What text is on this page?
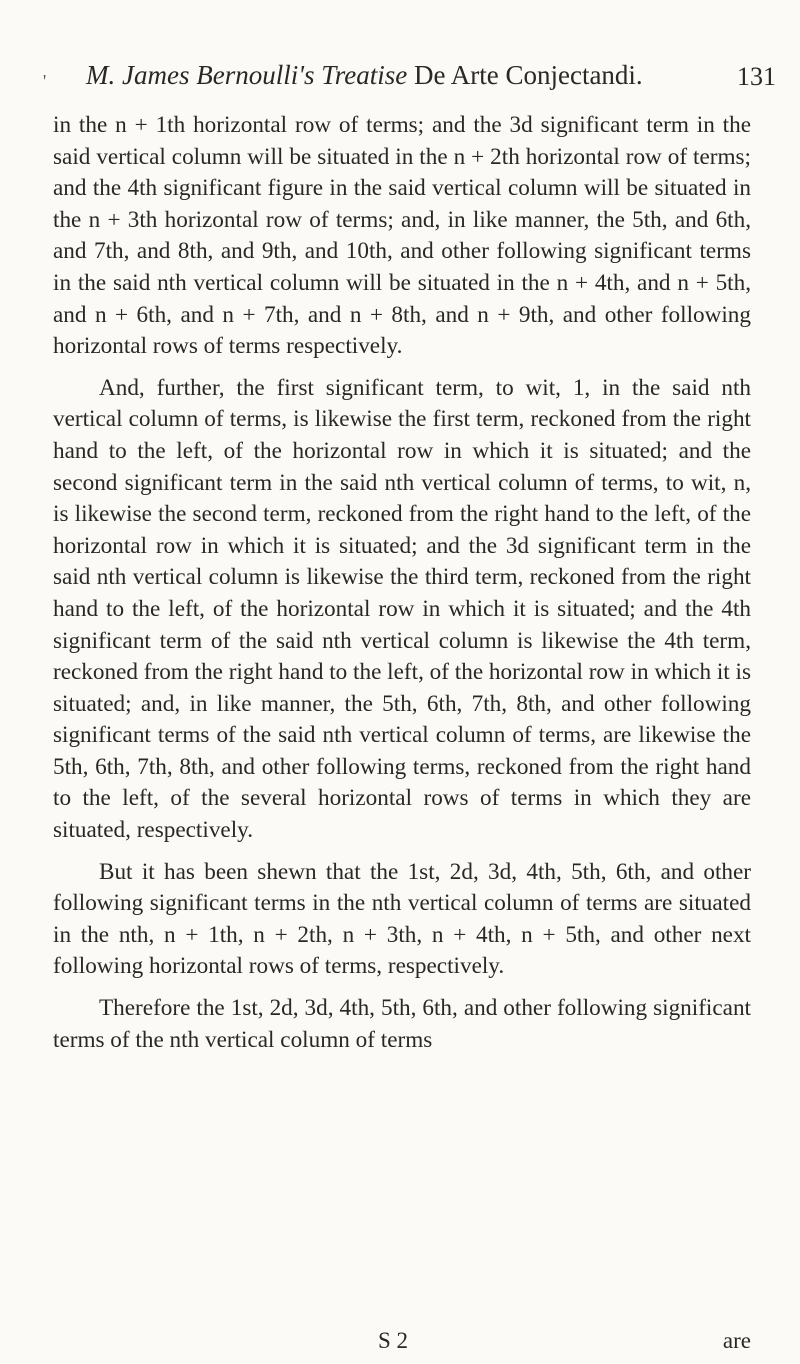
' M. James Bernoulli's Treatise De Arte Conjectandi.	131

in the n + 1th horizontal row of terms; and the 3d significant term in the said vertical column will be situated in the n + 2th horizontal row of terms; and the 4th significant figure in the said vertical column will be situated in the n + 3th horizontal row of terms; and, in like manner, the 5th, and 6th, and 7th, and 8th, and 9th, and 10th, and other following significant terms in the said nth vertical column will be situated in the n + 4th, and n + 5th, and n + 6th, and n + 7th, and n + 8th, and n + 9th, and other following horizontal rows of terms respectively.

And, further, the first significant term, to wit, 1, in the said nth vertical column of terms, is likewise the first term, reckoned from the right hand to the left, of the horizontal row in which it is situated; and the second significant term in the said nth vertical column of terms, to wit, n, is likewise the second term, reckoned from the right hand to the left, of the horizontal row in which it is situated; and the 3d significant term in the said nth vertical column is likewise the third term, reckoned from the right hand to the left, of the horizontal row in which it is situated; and the 4th significant term of the said nth vertical column is likewise the 4th term, reckoned from the right hand to the left, of the horizontal row in which it is situated; and, in like manner, the 5th, 6th, 7th, 8th, and other following significant terms of the said nth vertical column of terms, are likewise the 5th, 6th, 7th, 8th, and other following terms, reckoned from the right hand to the left, of the several horizontal rows of terms in which they are situated, respectively.

But it has been shewn that the 1st, 2d, 3d, 4th, 5th, 6th, and other following significant terms in the nth vertical column of terms are situated in the nth, n + 1th, n + 2th, n + 3th, n + 4th, n + 5th, and other next following horizontal rows of terms, respectively.

Therefore the 1st, 2d, 3d, 4th, 5th, 6th, and other following significant terms of the nth vertical column of terms

S 2	are
